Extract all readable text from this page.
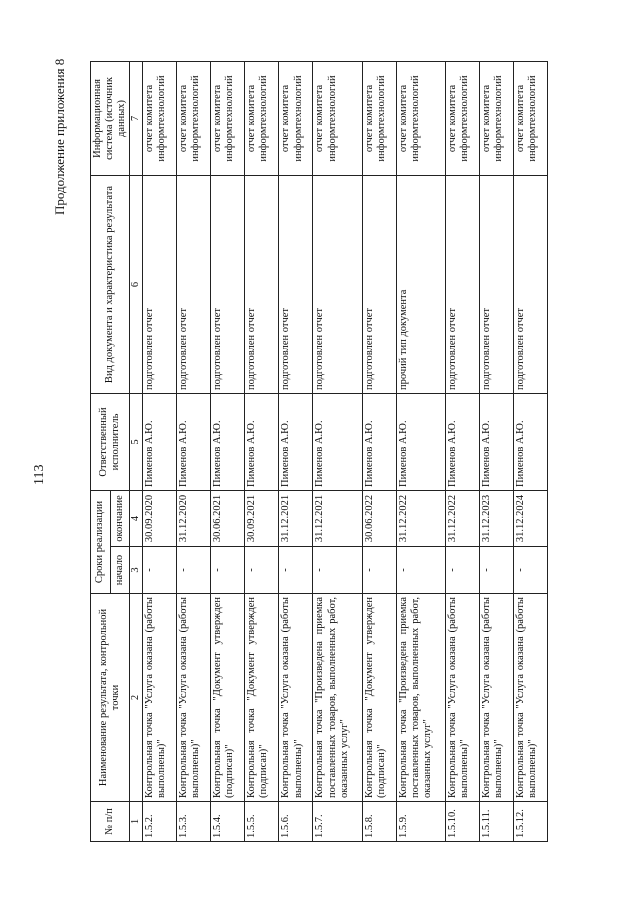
113
Продолжение приложения 8
№ п/п	Наименование результата, контрольной точки	Сроки реализации		Ответственный исполнитель	Вид документа и характеристика результата	Информационная система (источник данных)
		начало	окончание			
1	2	3	4	5	6	7
1.5.2.	Контрольная точка "Услуга оказана (работы выполнены)"	-	30.09.2020	Пименов А.Ю.	подготовлен отчет	отчет комитета информтехнологий
1.5.3.	Контрольная точка "Услуга оказана (работы выполнены)"	-	31.12.2020	Пименов А.Ю.	подготовлен отчет	отчет комитета информтехнологий
1.5.4.	Контрольная точка "Документ утвержден (подписан)"	-	30.06.2021	Пименов А.Ю.	подготовлен отчет	отчет комитета информтехнологий
1.5.5.	Контрольная точка "Документ утвержден (подписан)"	-	30.09.2021	Пименов А.Ю.	подготовлен отчет	отчет комитета информтехнологий
1.5.6.	Контрольная точка "Услуга оказана (работы выполнены)"	-	31.12.2021	Пименов А.Ю.	подготовлен отчет	отчет комитета информтехнологий
1.5.7.	Контрольная точка "Произведена приемка поставленных товаров, выполненных работ, оказанных услуг"	-	31.12.2021	Пименов А.Ю.	подготовлен отчет	отчет комитета информтехнологий
1.5.8.	Контрольная точка "Документ утвержден (подписан)"	-	30.06.2022	Пименов А.Ю.	подготовлен отчет	отчет комитета информтехнологий
1.5.9.	Контрольная точка "Произведена приемка поставленных товаров, выполненных работ, оказанных услуг"	-	31.12.2022	Пименов А.Ю.	прочий тип документа	отчет комитета информтехнологий
1.5.10.	Контрольная точка "Услуга оказана (работы выполнены)"	-	31.12.2022	Пименов А.Ю.	подготовлен отчет	отчет комитета информтехнологий
1.5.11.	Контрольная точка "Услуга оказана (работы выполнены)"	-	31.12.2023	Пименов А.Ю.	подготовлен отчет	отчет комитета информтехнологий
1.5.12.	Контрольная точка "Услуга оказана (работы выполнены)"	-	31.12.2024	Пименов А.Ю.	подготовлен отчет	отчет комитета информтехнологий
